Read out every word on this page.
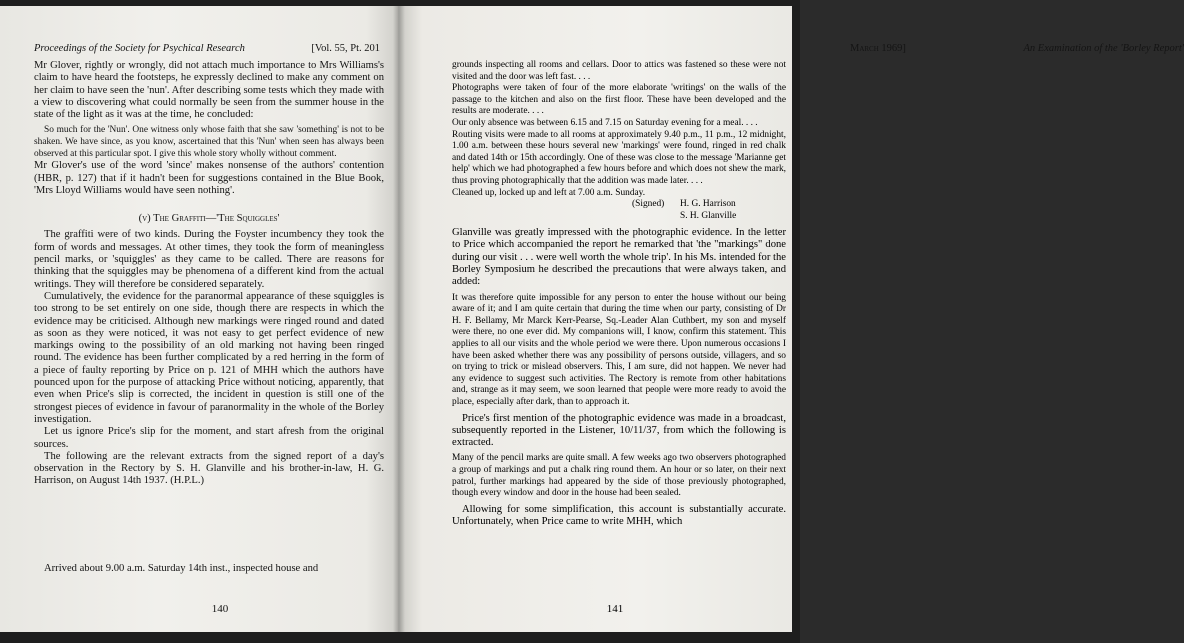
Proceedings of the Society for Psychical Research	[Vol. 55, Pt. 201

Mr Glover, rightly or wrongly, did not attach much importance to Mrs Williams's claim to have heard the footsteps, he expressly declined to make any comment on her claim to have seen the 'nun'. After describing some tests which they made with a view to discovering what could normally be seen from the summer house in the state of the light as it was at the time, he concluded:

So much for the 'Nun'. One witness only whose faith that she saw 'something' is not to be shaken. We have since, as you know, ascertained that this 'Nun' when seen has always been observed at this particular spot. I give this whole story wholly without comment.

Mr Glover's use of the word 'since' makes nonsense of the authors' contention (HBR, p. 127) that if it hadn't been for suggestions contained in the Blue Book, 'Mrs Lloyd Williams would have seen nothing'.

(v) The Graffiti—'The Squiggles'

The graffiti were of two kinds. During the Foyster incumbency they took the form of words and messages. At other times, they took the form of meaningless pencil marks, or 'squiggles' as they came to be called. There are reasons for thinking that the squiggles may be phenomena of a different kind from the actual writings. They will therefore be considered separately.

Cumulatively, the evidence for the paranormal appearance of these squiggles is too strong to be set entirely on one side, though there are respects in which the evidence may be criticised. Although new markings were ringed round and dated as soon as they were noticed, it was not easy to get perfect evidence of new markings owing to the possibility of an old marking not having been ringed round. The evidence has been further complicated by a red herring in the form of a piece of faulty reporting by Price on p. 121 of MHH which the authors have pounced upon for the purpose of attacking Price without noticing, apparently, that even when Price's slip is corrected, the incident in question is still one of the strongest pieces of evidence in favour of paranormality in the whole of the Borley investigation.

Let us ignore Price's slip for the moment, and start afresh from the original sources.

The following are the relevant extracts from the signed report of a day's observation in the Rectory by S. H. Glanville and his brother-in-law, H. G. Harrison, on August 14th 1937. (H.P.L.)

Arrived about 9.00 a.m. Saturday 14th inst., inspected house and
140
March 1969]	An Examination of the 'Borley Report'

grounds inspecting all rooms and cellars. Door to attics was fastened so these were not visited and the door was left fast. . . .

Photographs were taken of four of the more elaborate 'writings' on the walls of the passage to the kitchen and also on the first floor. These have been developed and the results are moderate. . . .

Our only absence was between 6.15 and 7.15 on Saturday evening for a meal. . . .

Routing visits were made to all rooms at approximately 9.40 p.m., 11 p.m., 12 midnight, 1.00 a.m. between these hours several new 'markings' were found, ringed in red chalk and dated 14th or 15th accordingly. One of these was close to the message 'Marianne get help' which we had photographed a few hours before and which does not shew the mark, thus proving photographically that the addition was made later. . . .

Cleaned up, locked up and left at 7.00 a.m. Sunday.

(Signed) H. G. Harrison
S. H. Glanville

Glanville was greatly impressed with the photographic evidence. In the letter to Price which accompanied the report he remarked that 'the "markings" done during our visit . . . were well worth the whole trip'. In his Ms. intended for the Borley Symposium he described the precautions that were always taken, and added:

It was therefore quite impossible for any person to enter the house without our being aware of it; and I am quite certain that during the time when our party, consisting of Dr H. F. Bellamy, Mr Marck Kerr-Pearse, Sq.-Leader Alan Cuthbert, my son and myself were there, no one ever did. My companions will, I know, confirm this statement. This applies to all our visits and the whole period we were there. Upon numerous occasions I have been asked whether there was any possibility of persons outside, villagers, and so on trying to trick or mislead observers. This, I am sure, did not happen. We never had any evidence to suggest such activities. The Rectory is remote from other habitations and, strange as it may seem, we soon learned that people were more ready to avoid the place, especially after dark, than to approach it.

Price's first mention of the photographic evidence was made in a broadcast, subsequently reported in the Listener, 10/11/37, from which the following is extracted.

Many of the pencil marks are quite small. A few weeks ago two observers photographed a group of markings and put a chalk ring round them. An hour or so later, on their next patrol, further markings had appeared by the side of those previously photographed, though every window and door in the house had been sealed.

Allowing for some simplification, this account is substantially accurate. Unfortunately, when Price came to write MHH, which

141
